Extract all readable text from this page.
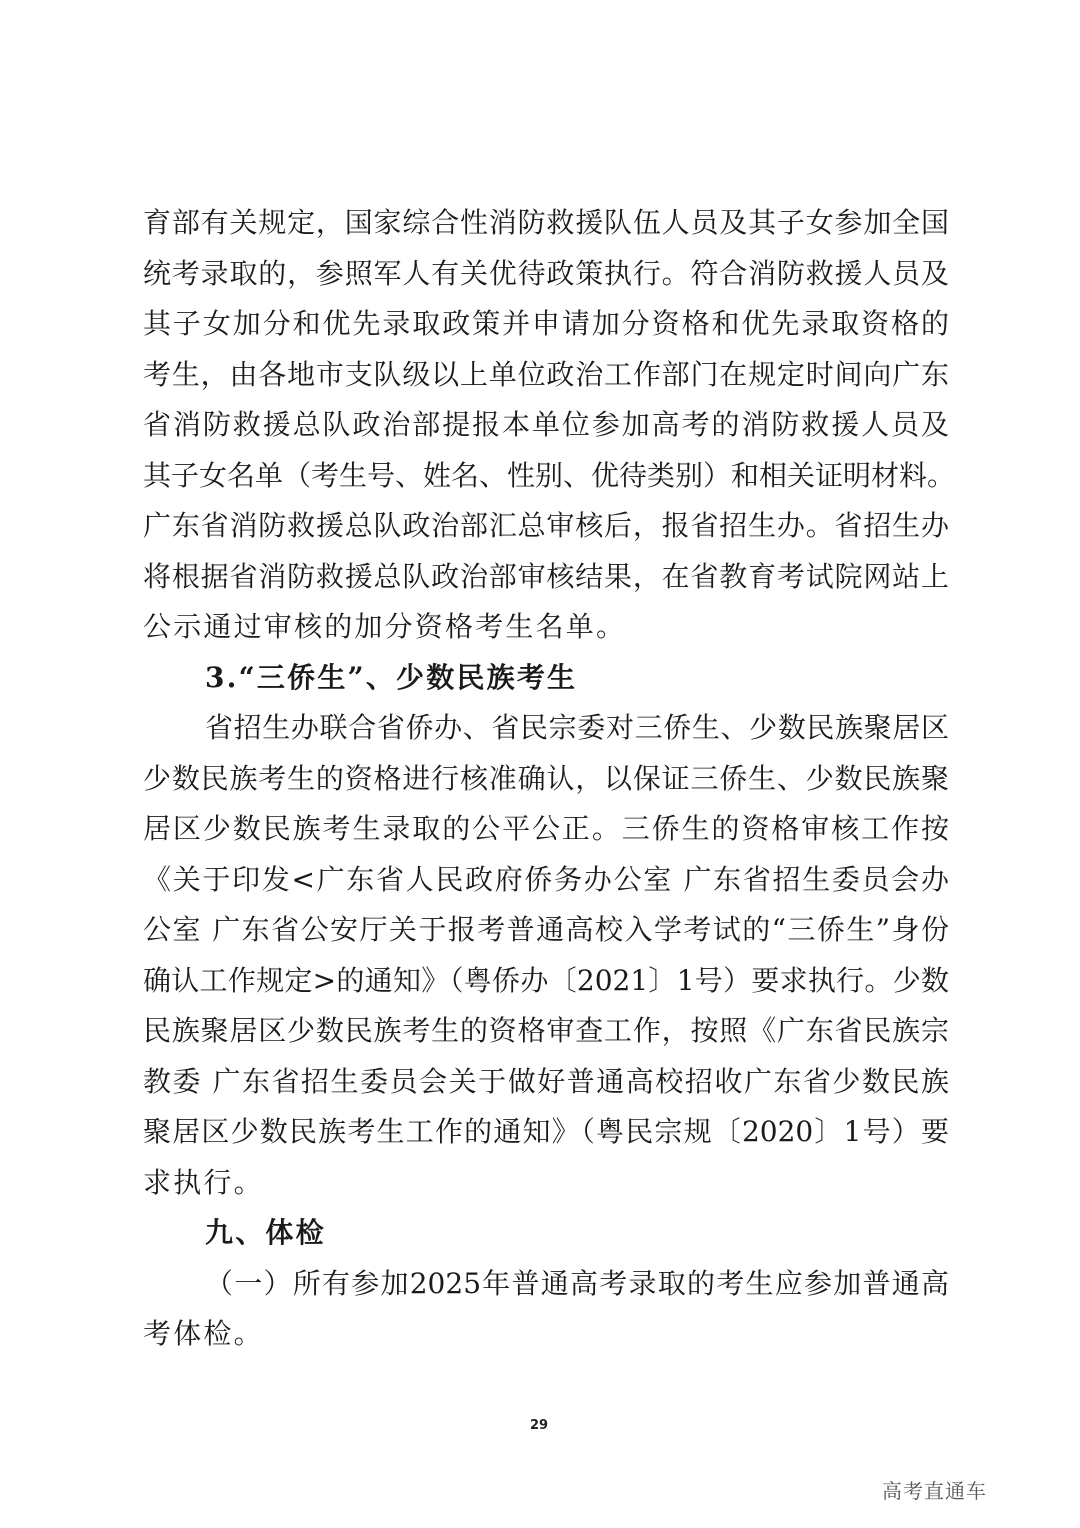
育部有关规定，国家综合性消防救援队伍人员及其子女参加全国
统考录取的，参照军人有关优待政策执行。符合消防救援人员及
其子女加分和优先录取政策并申请加分资格和优先录取资格的
考生，由各地市支队级以上单位政治工作部门在规定时间向广东
省消防救援总队政治部提报本单位参加高考的消防救援人员及
其子女名单（考生号、姓名、性别、优待类别）和相关证明材料。
广东省消防救援总队政治部汇总审核后，报省招生办。省招生办
将根据省消防救援总队政治部审核结果，在省教育考试院网站上
公示通过审核的加分资格考生名单。
3.“三侨生”、少数民族考生
省招生办联合省侨办、省民宗委对三侨生、少数民族聚居区
少数民族考生的资格进行核准确认，以保证三侨生、少数民族聚
居区少数民族考生录取的公平公正。三侨生的资格审核工作按
《关于印发<广东省人民政府侨务办公室 广东省招生委员会办
公室 广东省公安厅关于报考普通高校入学考试的“三侨生”身份
确认工作规定>的通知》（粤侨办〔2021〕1号）要求执行。少数
民族聚居区少数民族考生的资格审查工作，按照《广东省民族宗
教委 广东省招生委员会关于做好普通高校招收广东省少数民族
聚居区少数民族考生工作的通知》（粤民宗规〔2020〕1号）要
求执行。
九、体检
（一）所有参加2025年普通高考录取的考生应参加普通高
考体检。
29
高考直通车
